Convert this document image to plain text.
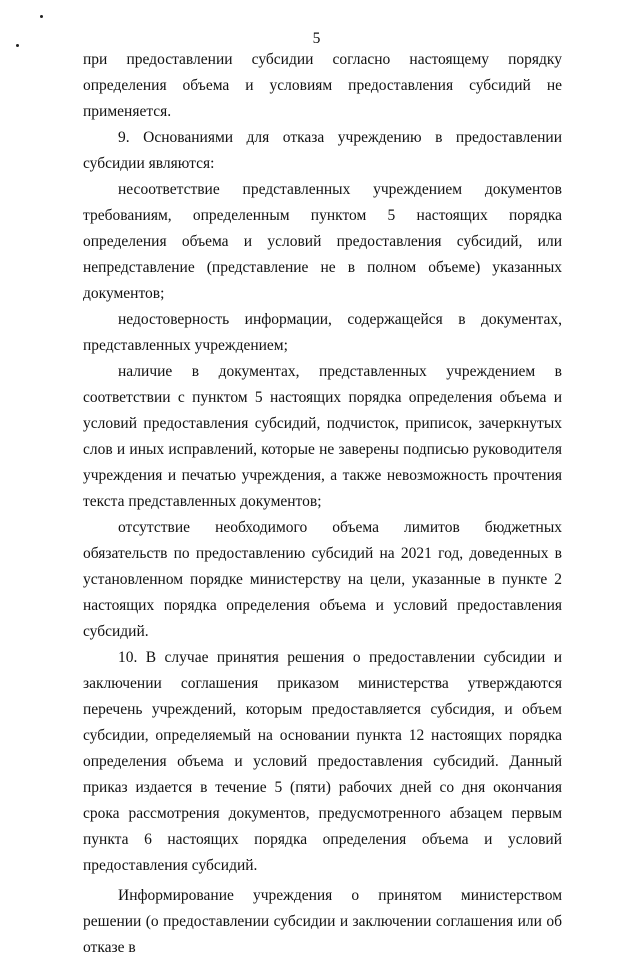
5

при предоставлении субсидии согласно настоящему порядку определения объема и условиям предоставления субсидий не применяется.

9. Основаниями для отказа учреждению в предоставлении субсидии являются:

несоответствие представленных учреждением документов требованиям, определенным пунктом 5 настоящих порядка определения объема и условий предоставления субсидий, или непредставление (представление не в полном объеме) указанных документов;

недостоверность информации, содержащейся в документах, представленных учреждением;

наличие в документах, представленных учреждением в соответствии с пунктом 5 настоящих порядка определения объема и условий предоставления субсидий, подчисток, приписок, зачеркнутых слов и иных исправлений, которые не заверены подписью руководителя учреждения и печатью учреждения, а также невозможность прочтения текста представленных документов;

отсутствие необходимого объема лимитов бюджетных обязательств по предоставлению субсидий на 2021 год, доведенных в установленном порядке министерству на цели, указанные в пункте 2 настоящих порядка определения объема и условий предоставления субсидий.

10. В случае принятия решения о предоставлении субсидии и заключении соглашения приказом министерства утверждаются перечень учреждений, которым предоставляется субсидия, и объем субсидии, определяемый на основании пункта 12 настоящих порядка определения объема и условий предоставления субсидий. Данный приказ издается в течение 5 (пяти) рабочих дней со дня окончания срока рассмотрения документов, предусмотренного абзацем первым пункта 6 настоящих порядка определения объема и условий предоставления субсидий.

Информирование учреждения о принятом министерством решении (о предоставлении субсидии и заключении соглашения или об отказе в
